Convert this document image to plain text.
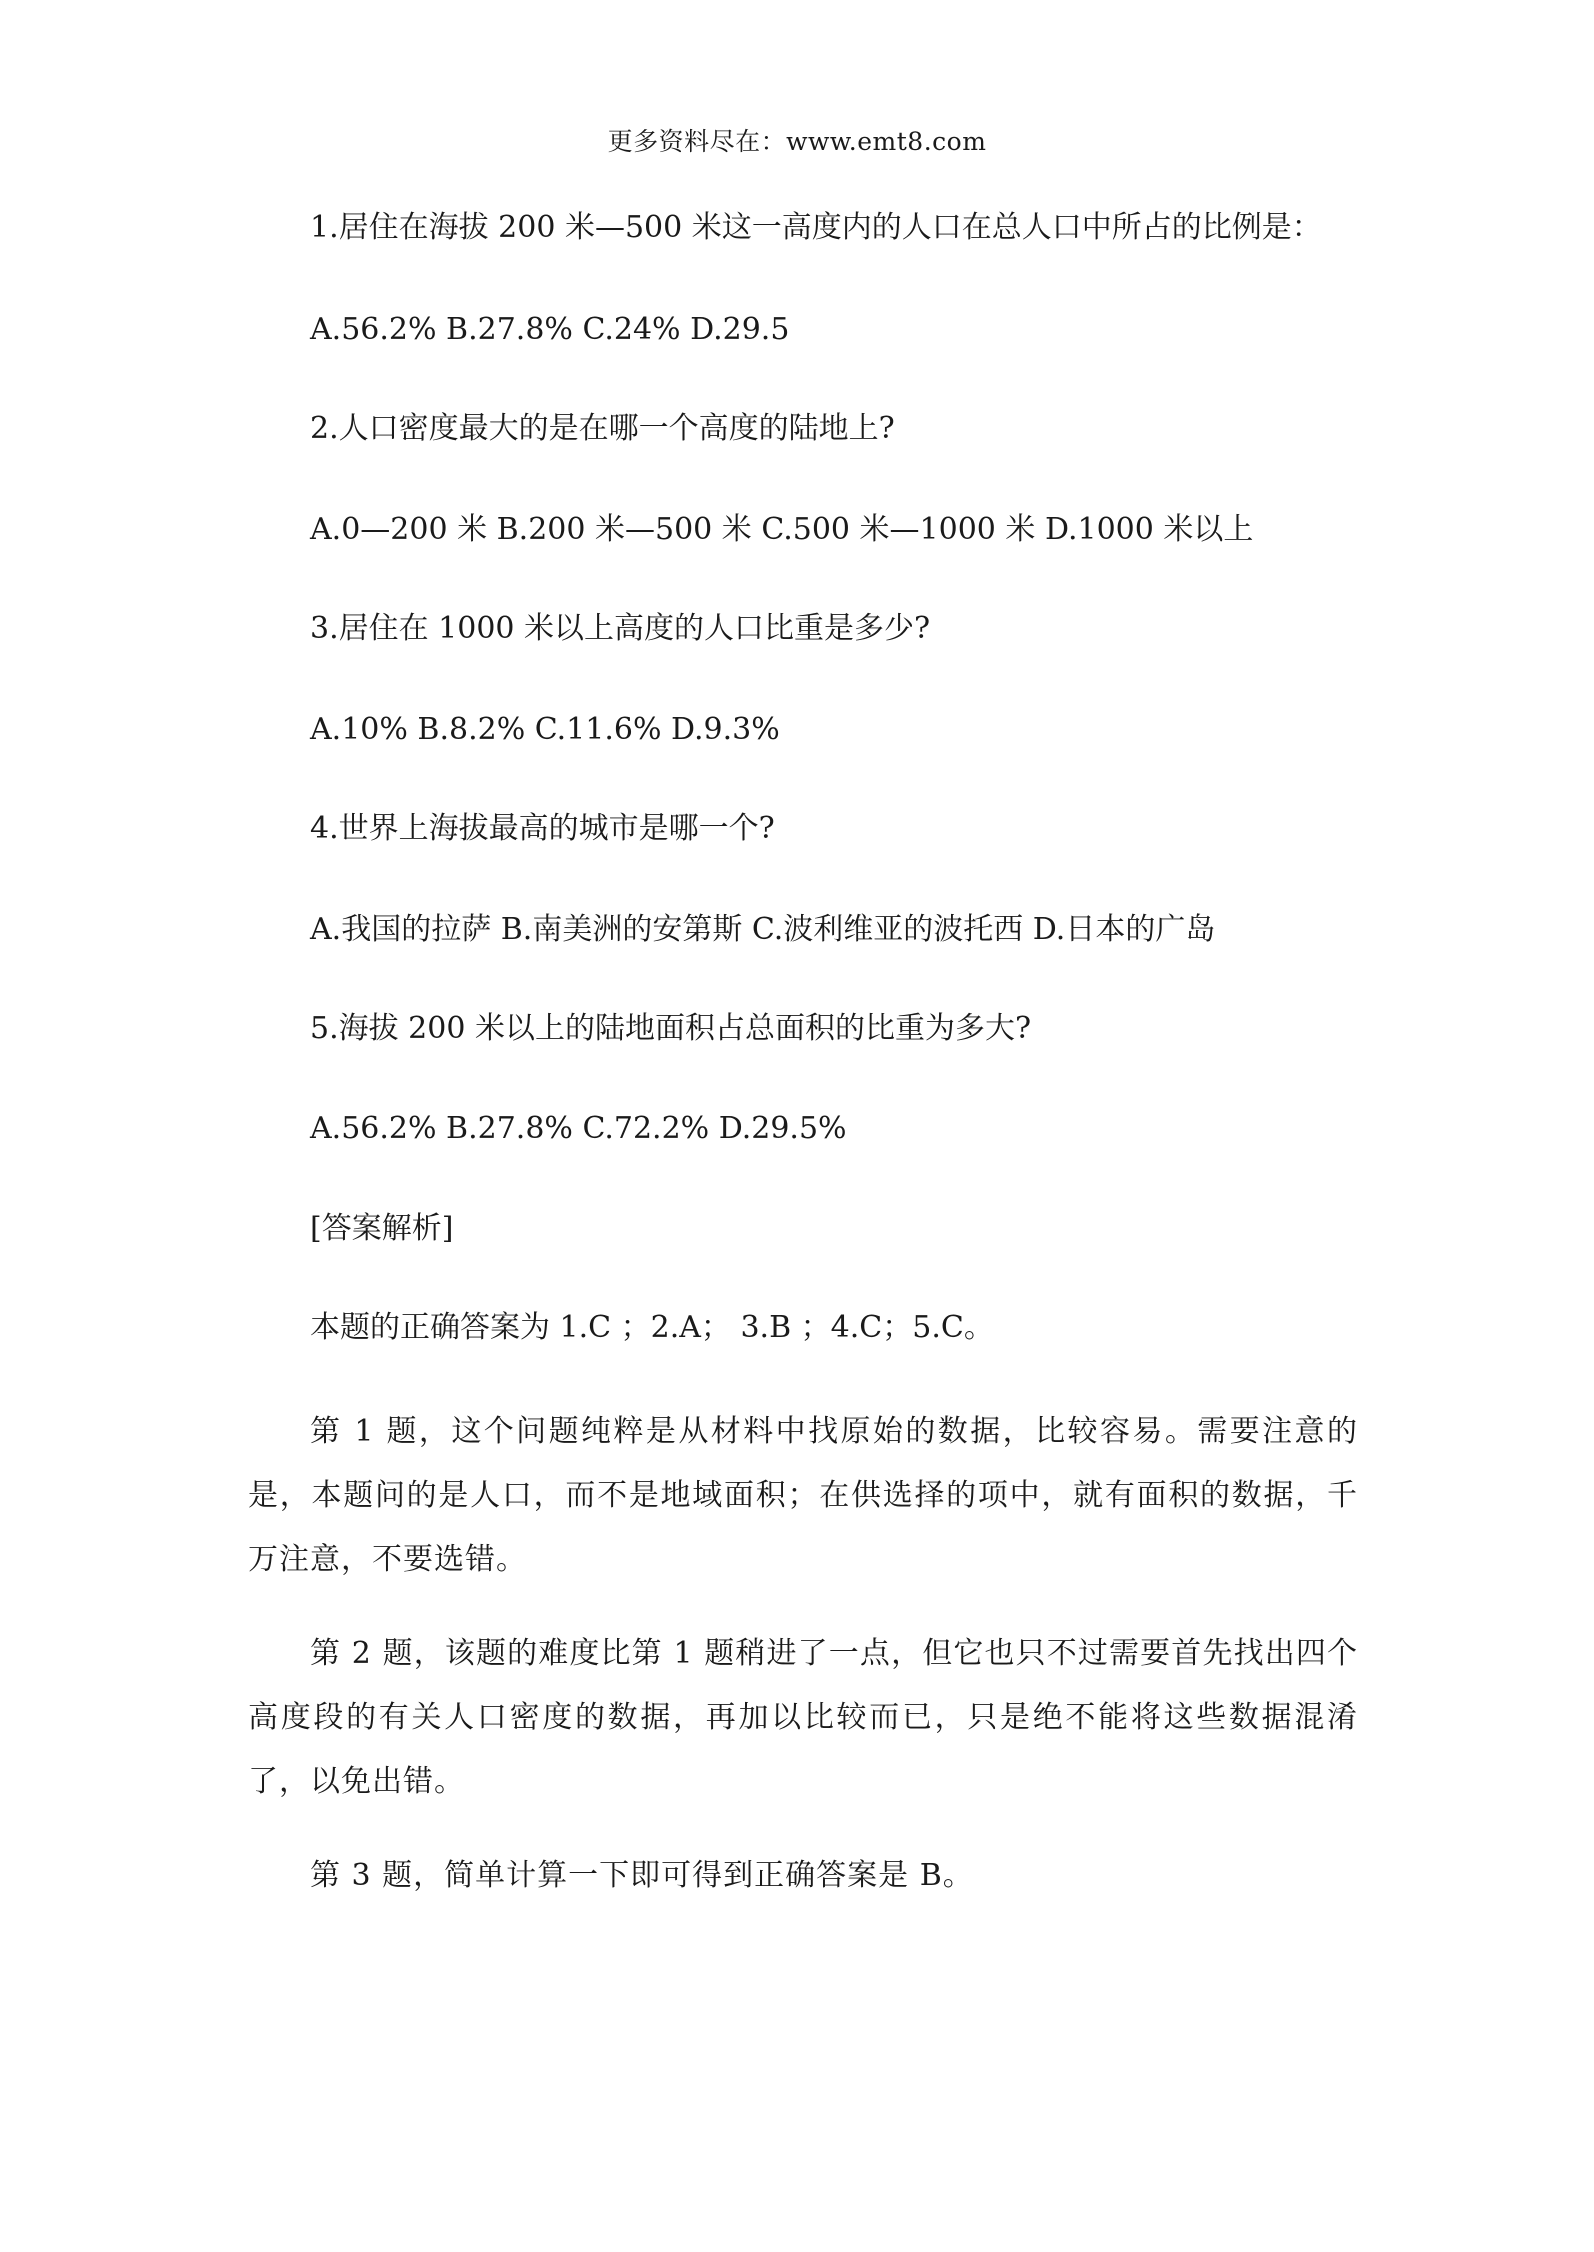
更多资料尽在：www.emt8.com
1.居住在海拔 200 米—500 米这一高度内的人口在总人口中所占的比例是：
A.56.2% B.27.8% C.24% D.29.5
2.人口密度最大的是在哪一个高度的陆地上?
A.0—200 米 B.200 米—500 米 C.500 米—1000 米 D.1000 米以上
3.居住在 1000 米以上高度的人口比重是多少?
A.10% B.8.2% C.11.6% D.9.3%
4.世界上海拔最高的城市是哪一个?
A.我国的拉萨 B.南美洲的安第斯 C.波利维亚的波托西 D.日本的广岛
5.海拔 200 米以上的陆地面积占总面积的比重为多大?
A.56.2% B.27.8% C.72.2% D.29.5%
[答案解析]
本题的正确答案为 1.C ；2.A； 3.B ；4.C；5.C。
第 1 题，这个问题纯粹是从材料中找原始的数据，比较容易。需要注意的是，本题问的是人口，而不是地域面积；在供选择的项中，就有面积的数据，千万注意，不要选错。
第 2 题，该题的难度比第 1 题稍进了一点，但它也只不过需要首先找出四个高度段的有关人口密度的数据，再加以比较而已，只是绝不能将这些数据混淆了，以免出错。
第 3 题，简单计算一下即可得到正确答案是 B。
